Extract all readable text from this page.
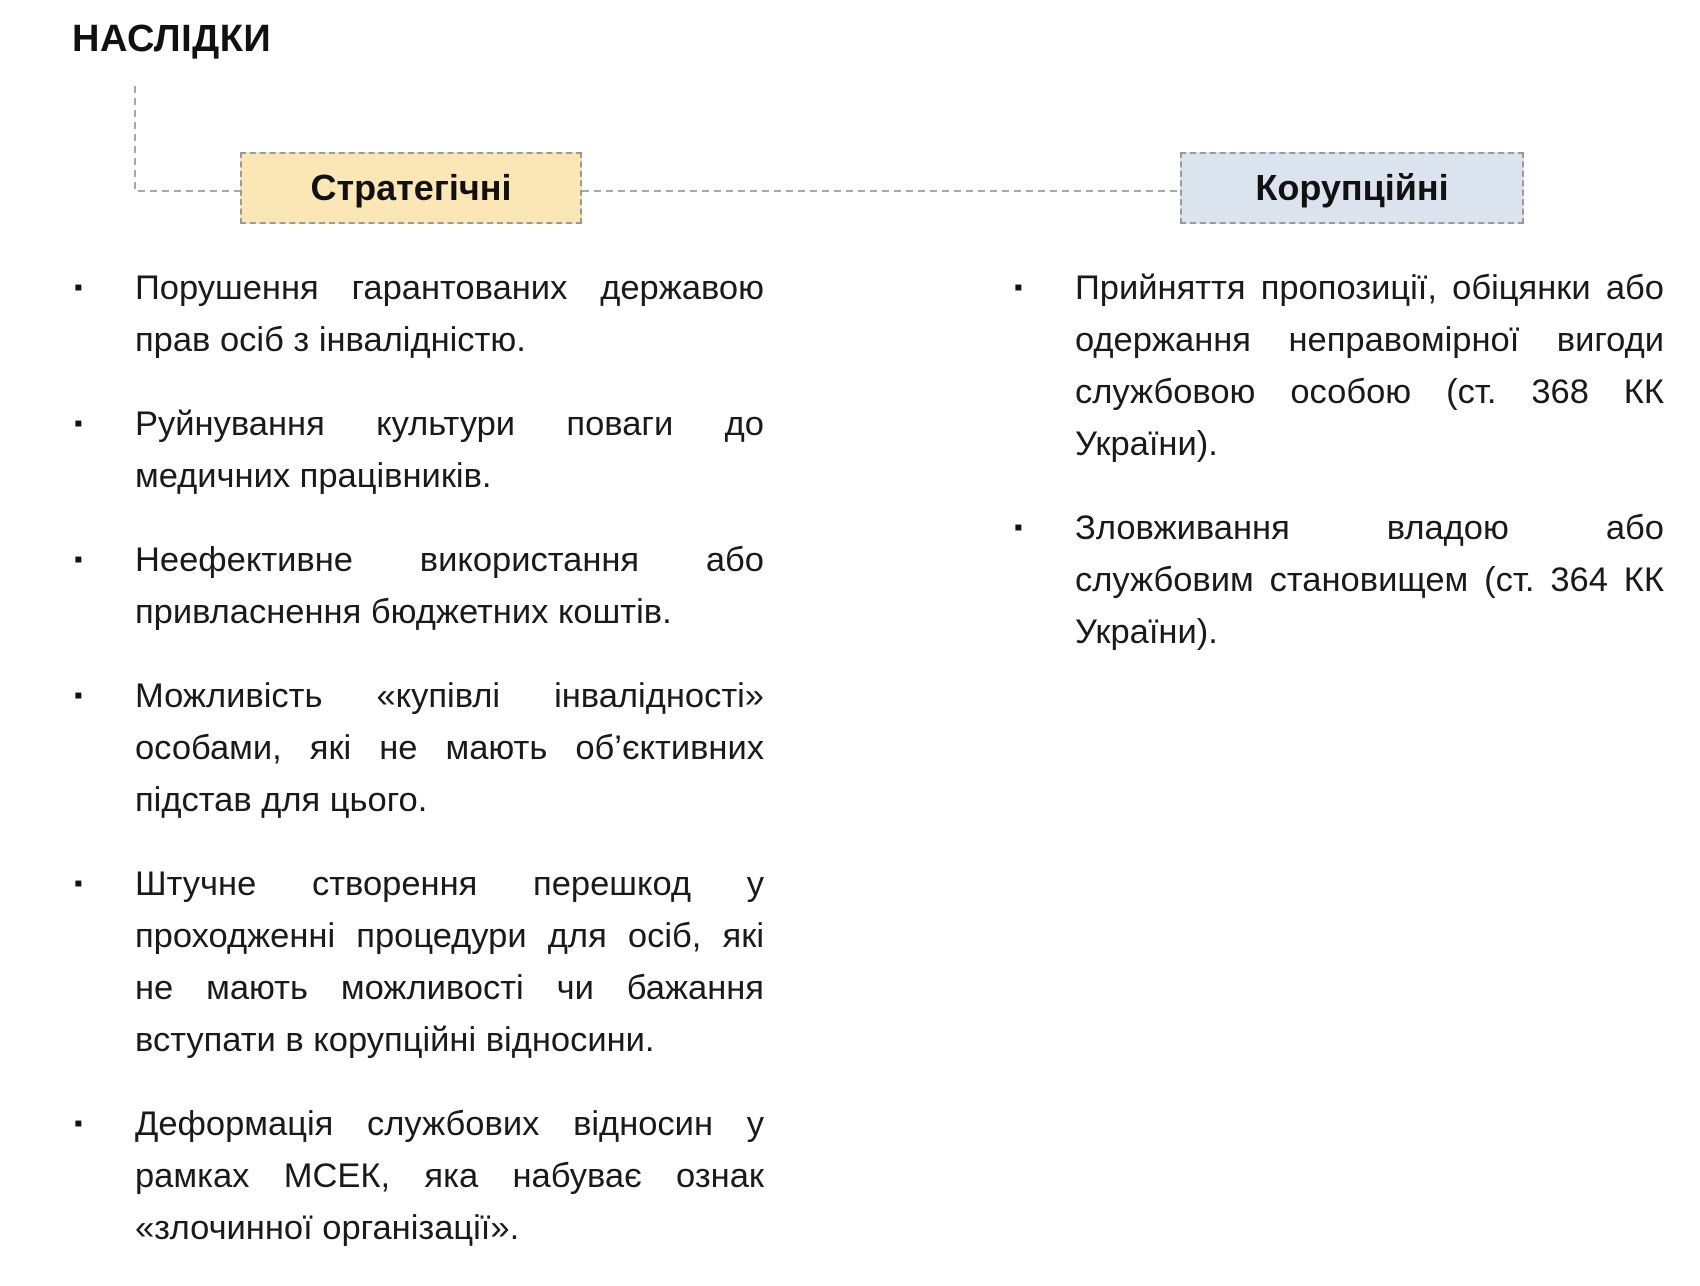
НАСЛІДКИ
Стратегічні	Корупційні
▪ Порушення гарантованих державою прав осіб з інвалідністю.
▪ Руйнування культури поваги до медичних працівників.
▪ Неефективне використання або привласнення бюджетних коштів.
▪ Можливість «купівлі інвалідності» особами, які не мають об’єктивних підстав для цього.
▪ Штучне створення перешкод у проходженні процедури для осіб, які не мають можливості чи бажання вступати в корупційні відносини.
▪ Деформація службових відносин у рамках МСЕК, яка набуває ознак «злочинної організації».
▪ Прийняття пропозиції, обіцянки або одержання неправомірної вигоди службовою особою (ст. 368 КК України).
▪ Зловживання владою або службовим становищем (ст. 364 КК України).
